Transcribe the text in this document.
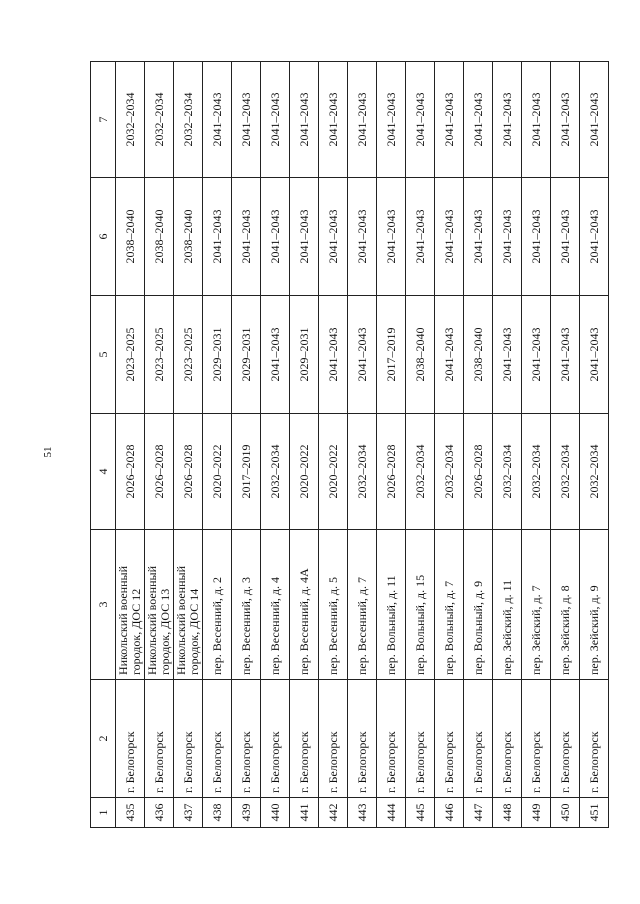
51
1	2	3	4	5	6	7
435	г. Белогорск	Никольский военный городок, ДОС 12	2026–2028	2023–2025	2038–2040	2032–2034
436	г. Белогорск	Никольский военный городок, ДОС 13	2026–2028	2023–2025	2038–2040	2032–2034
437	г. Белогорск	Никольский военный городок, ДОС 14	2026–2028	2023–2025	2038–2040	2032–2034
438	г. Белогорск	пер. Весенний, д. 2	2020–2022	2029–2031	2041–2043	2041–2043
439	г. Белогорск	пер. Весенний, д. 3	2017–2019	2029–2031	2041–2043	2041–2043
440	г. Белогорск	пер. Весенний, д. 4	2032–2034	2041–2043	2041–2043	2041–2043
441	г. Белогорск	пер. Весенний, д. 4А	2020–2022	2029–2031	2041–2043	2041–2043
442	г. Белогорск	пер. Весенний, д. 5	2020–2022	2041–2043	2041–2043	2041–2043
443	г. Белогорск	пер. Весенний, д. 7	2032–2034	2041–2043	2041–2043	2041–2043
444	г. Белогорск	пер. Вольный, д. 11	2026–2028	2017–2019	2041–2043	2041–2043
445	г. Белогорск	пер. Вольный, д. 15	2032–2034	2038–2040	2041–2043	2041–2043
446	г. Белогорск	пер. Вольный, д. 7	2032–2034	2041–2043	2041–2043	2041–2043
447	г. Белогорск	пер. Вольный, д. 9	2026–2028	2038–2040	2041–2043	2041–2043
448	г. Белогорск	пер. Зейский, д. 11	2032–2034	2041–2043	2041–2043	2041–2043
449	г. Белогорск	пер. Зейский, д. 7	2032–2034	2041–2043	2041–2043	2041–2043
450	г. Белогорск	пер. Зейский, д. 8	2032–2034	2041–2043	2041–2043	2041–2043
451	г. Белогорск	пер. Зейский, д. 9	2032–2034	2041–2043	2041–2043	2041–2043
